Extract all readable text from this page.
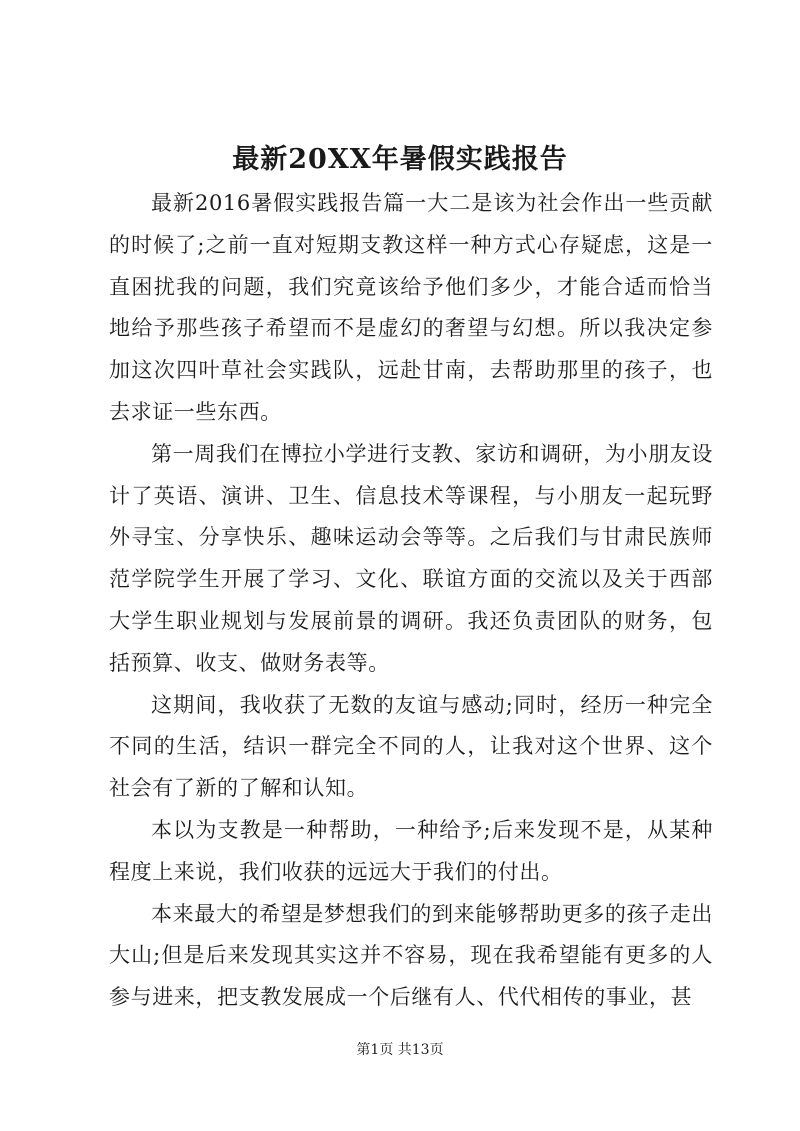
最新20XX年暑假实践报告

最新2016暑假实践报告篇一大二是该为社会作出一些贡献的时候了;之前一直对短期支教这样一种方式心存疑虑，这是一直困扰我的问题，我们究竟该给予他们多少，才能合适而恰当地给予那些孩子希望而不是虚幻的奢望与幻想。所以我决定参加这次四叶草社会实践队，远赴甘南，去帮助那里的孩子，也去求证一些东西。

第一周我们在博拉小学进行支教、家访和调研，为小朋友设计了英语、演讲、卫生、信息技术等课程，与小朋友一起玩野外寻宝、分享快乐、趣味运动会等等。之后我们与甘肃民族师范学院学生开展了学习、文化、联谊方面的交流以及关于西部大学生职业规划与发展前景的调研。我还负责团队的财务，包括预算、收支、做财务表等。

这期间，我收获了无数的友谊与感动;同时，经历一种完全不同的生活，结识一群完全不同的人，让我对这个世界、这个社会有了新的了解和认知。

本以为支教是一种帮助，一种给予;后来发现不是，从某种程度上来说，我们收获的远远大于我们的付出。

本来最大的希望是梦想我们的到来能够帮助更多的孩子走出大山;但是后来发现其实这并不容易，现在我希望能有更多的人参与进来，把支教发展成一个后继有人、代代相传的事业，甚

第1页 共13页
